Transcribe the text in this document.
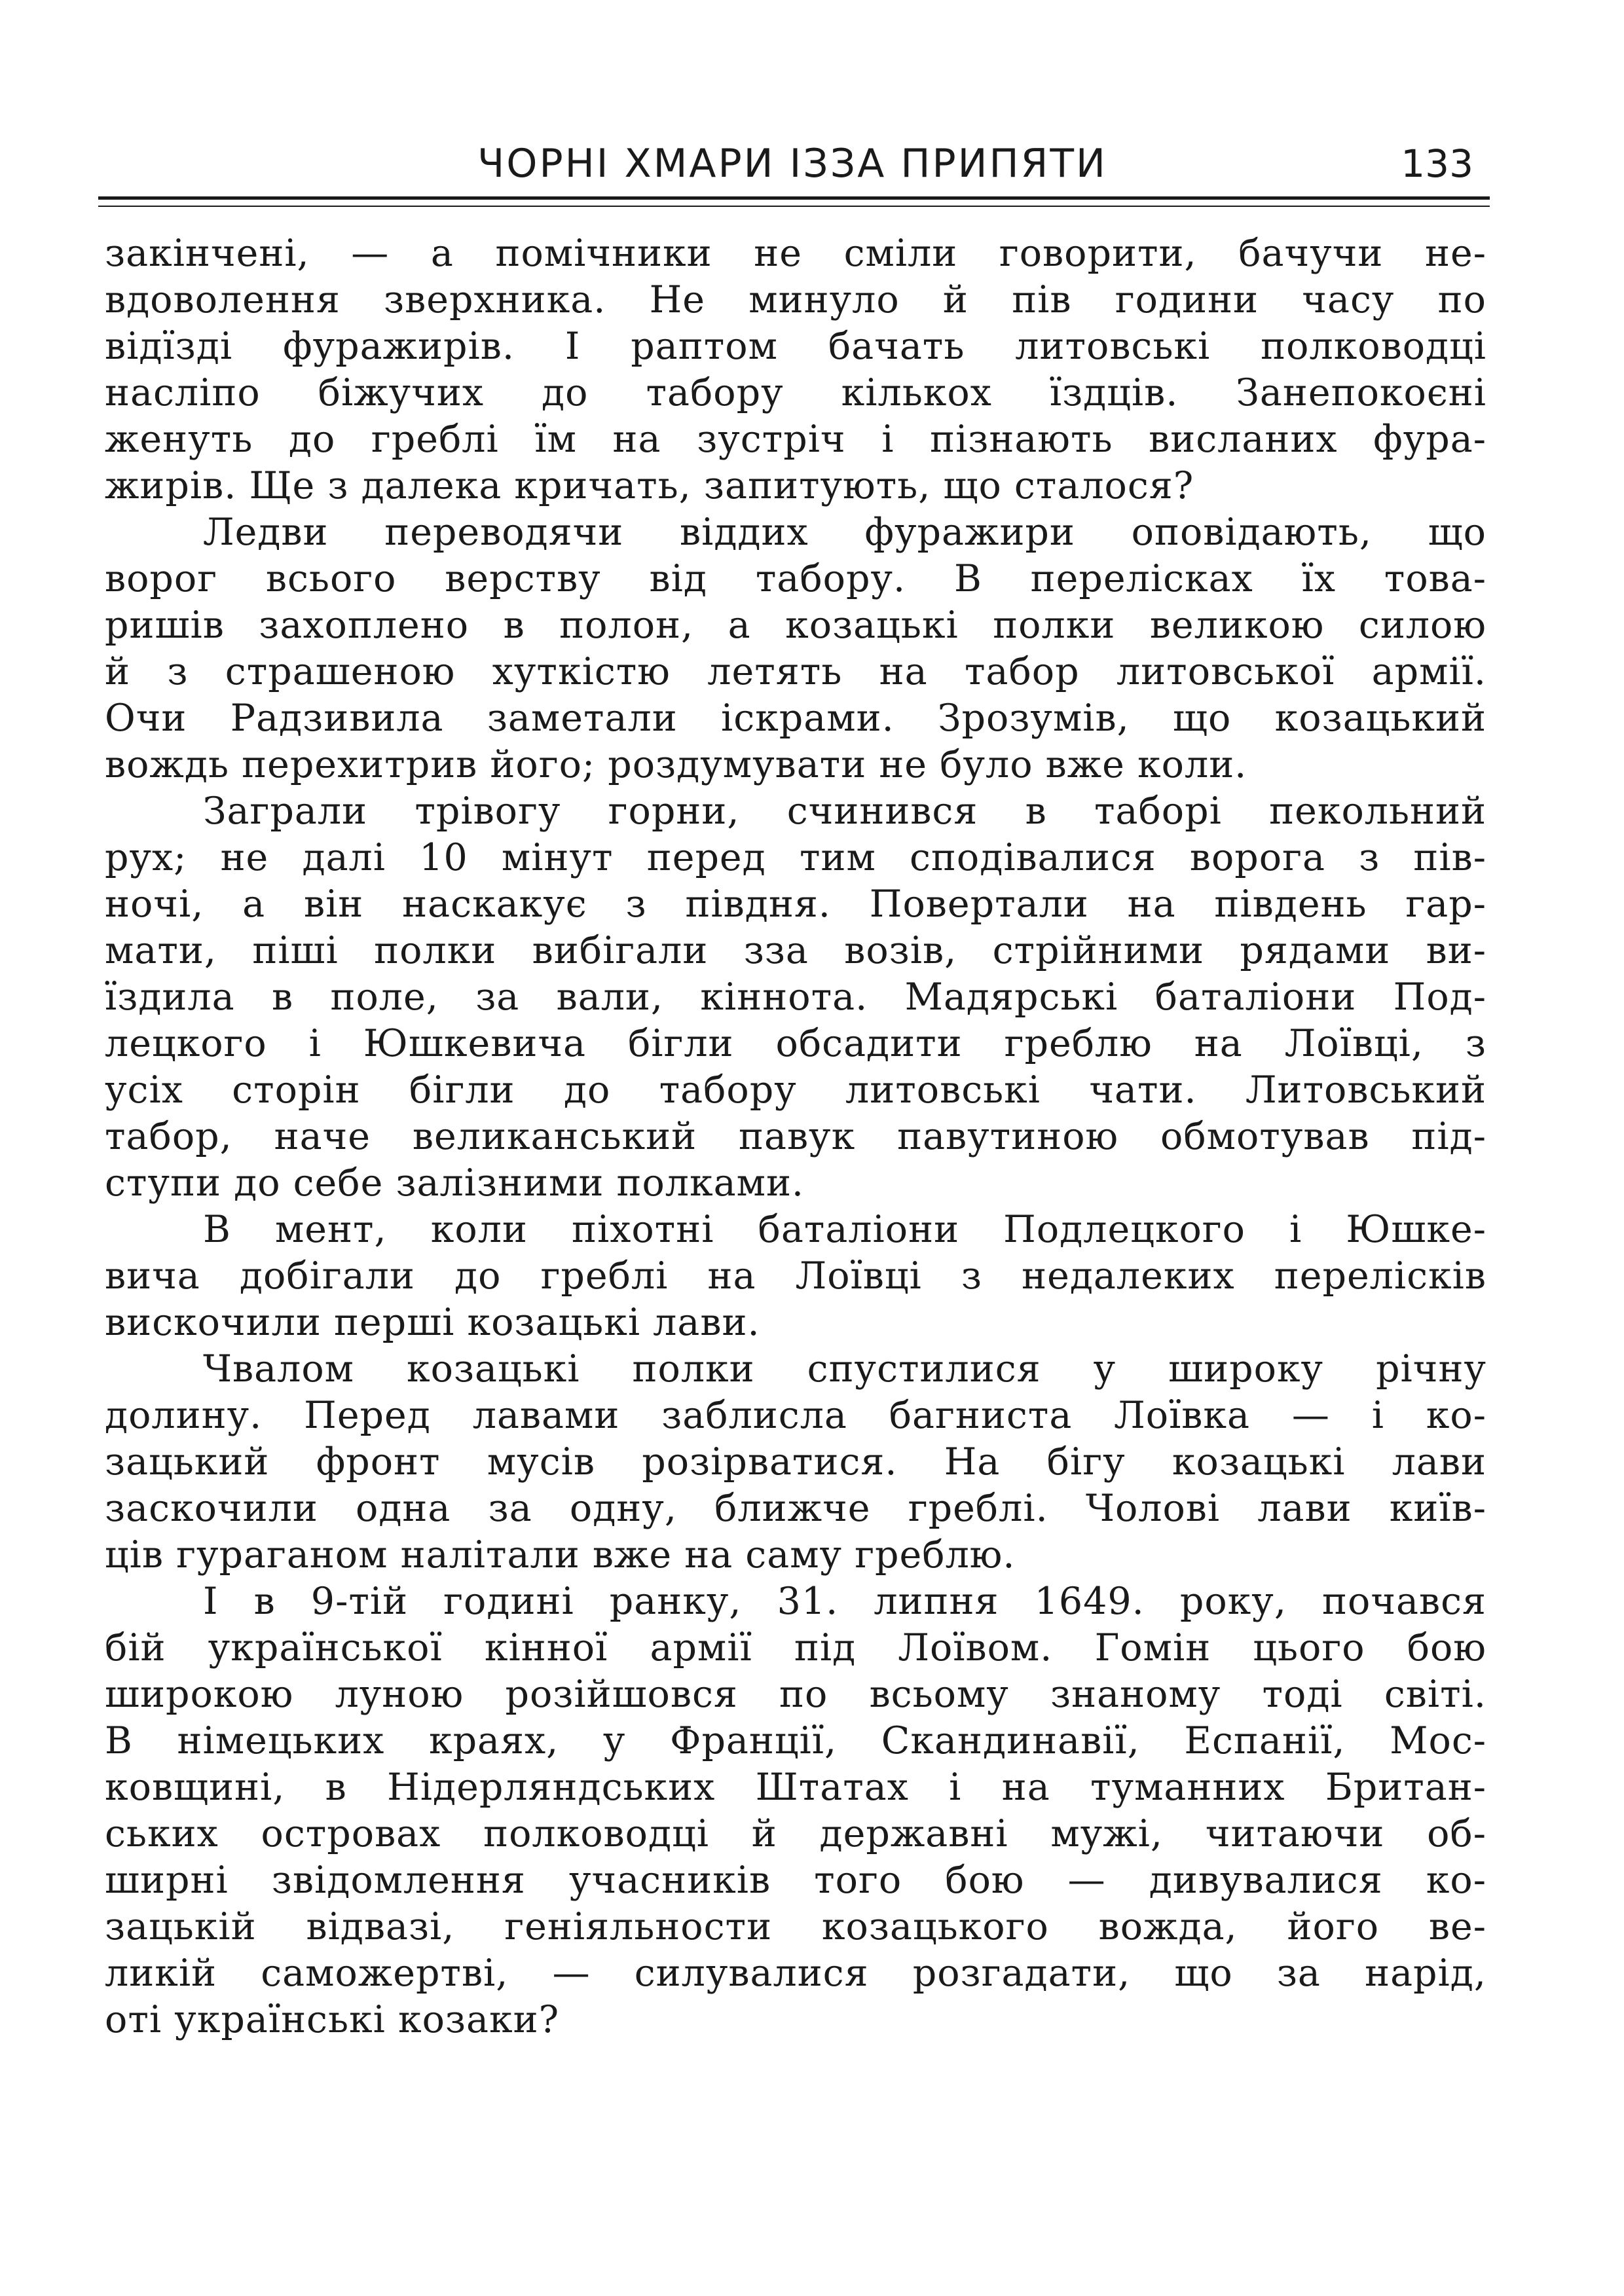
ЧОРНІ ХМАРИ ІЗЗА ПРИПЯТИ	133
закінчені, — а помічники не сміли говорити, бачучи не-
вдоволення зверхника. Не минуло й пів години часу по
відїзді фуражирів. І раптом бачать литовські полководці
насліпо біжучих до табору кількох їздців. Занепокоєні
женуть до греблі їм на зустріч і пізнають висланих фура-
жирів. Ще з далека кричать, запитують, що сталося?
Ледви переводячи віддих фуражири оповідають, що
ворог всього верству від табору. В перелісках їх това-
ришів захоплено в полон, а козацькі полки великою силою
й з страшеною хуткістю летять на табор литовської армії.
Очи Радзивила заметали іскрами. Зрозумів, що козацький
вождь перехитрив його; роздумувати не було вже коли.
Заграли трівогу горни, счинився в таборі пекольний
рух; не далі 10 мінут перед тим сподівалися ворога з пів-
ночі, а він наскакує з півдня. Повертали на південь гар-
мати, піші полки вибігали зза возів, стрійними рядами ви-
їздила в поле, за вали, кіннота. Мадярські баталіони Под-
лецкого і Юшкевича бігли обсадити греблю на Лоївці, з
усіх сторін бігли до табору литовські чати. Литовський
табор, наче великанський павук павутиною обмотував під-
ступи до себе залізними полками.
В мент, коли піхотні баталіони Подлецкого і Юшке-
вича добігали до греблі на Лоївці з недалеких перелісків
вискочили перші козацькі лави.
Чвалом козацькі полки спустилися у широку річну
долину. Перед лавами заблисла багниста Лоївка — і ко-
зацький фронт мусів розірватися. На бігу козацькі лави
заскочили одна за одну, ближче греблі. Чолові лави київ-
ців гураганом налітали вже на саму греблю.
І в 9-тій годині ранку, 31. липня 1649. року, почався
бій української кінної армії під Лоївом. Гомін цього бою
широкою луною розійшовся по всьому знаному тоді світі.
В німецьких краях, у Франції, Скандинавії, Еспанії, Мос-
ковщині, в Нідерляндських Штатах і на туманних Британ-
ських островах полководці й державні мужі, читаючи об-
ширні звідомлення учасників того бою — дивувалися ко-
зацькій відвазі, геніяльности козацького вожда, його ве-
ликій саможертві, — силувалися розгадати, що за нарід,
оті українські козаки?
